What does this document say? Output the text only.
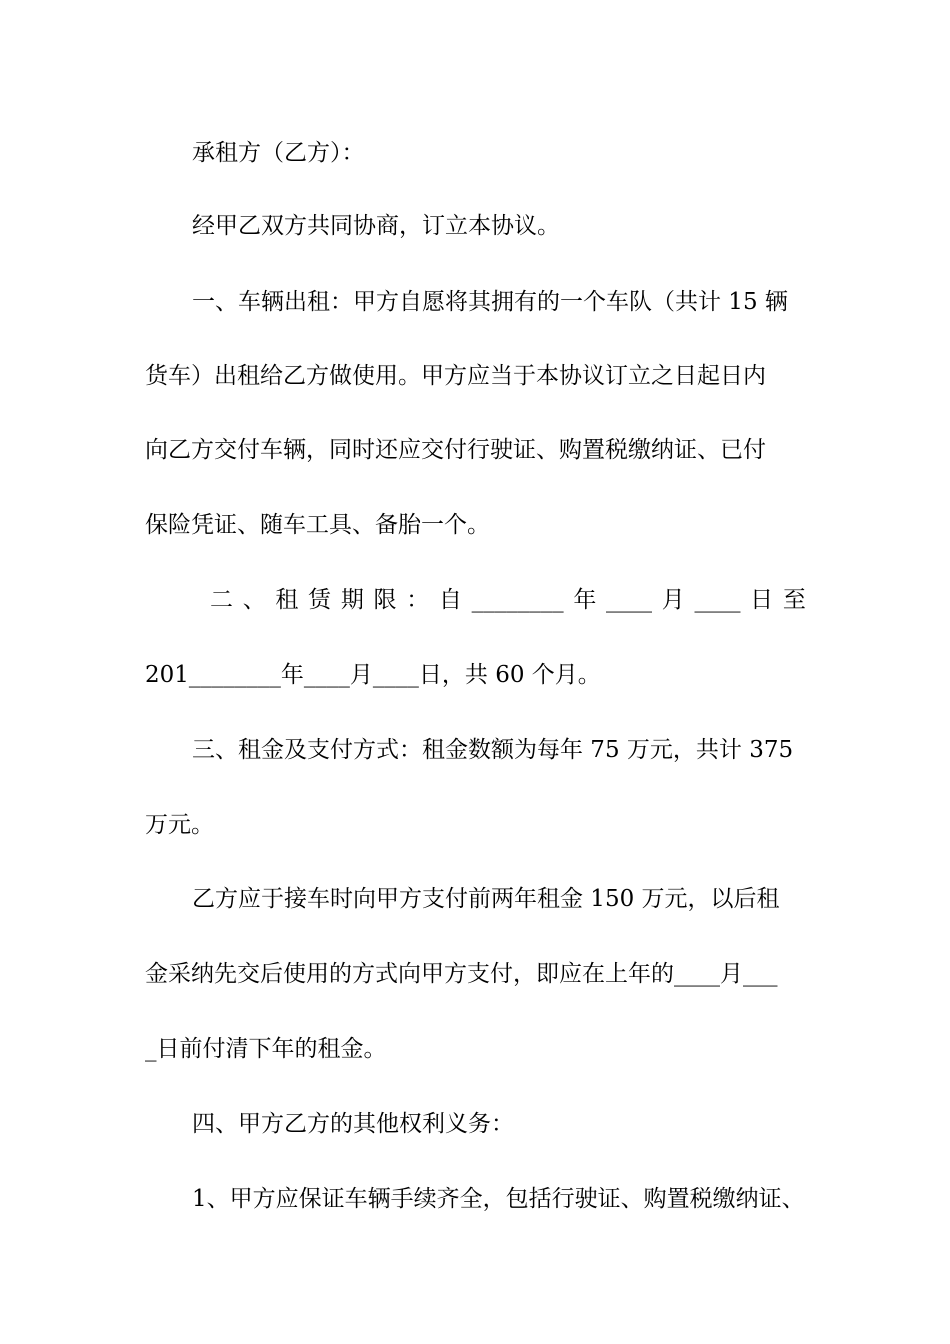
承租方（乙方）：
经甲乙双方共同协商，订立本协议。
一、车辆出租：甲方自愿将其拥有的一个车队（共计 15 辆
货车）出租给乙方做使用。甲方应当于本协议订立之日起日内
向乙方交付车辆，同时还应交付行驶证、购置税缴纳证、已付
保险凭证、随车工具、备胎一个。
二 、 租 赁 期 限 ： 自 ________ 年 ____ 月 ____ 日 至
201________年____月____日，共 60 个月。
三、租金及支付方式：租金数额为每年 75 万元，共计 375
万元。
乙方应于接车时向甲方支付前两年租金 150 万元，以后租
金采纳先交后使用的方式向甲方支付，即应在上年的____月___
_日前付清下年的租金。
四、甲方乙方的其他权利义务：
1、甲方应保证车辆手续齐全，包括行驶证、购置税缴纳证、
